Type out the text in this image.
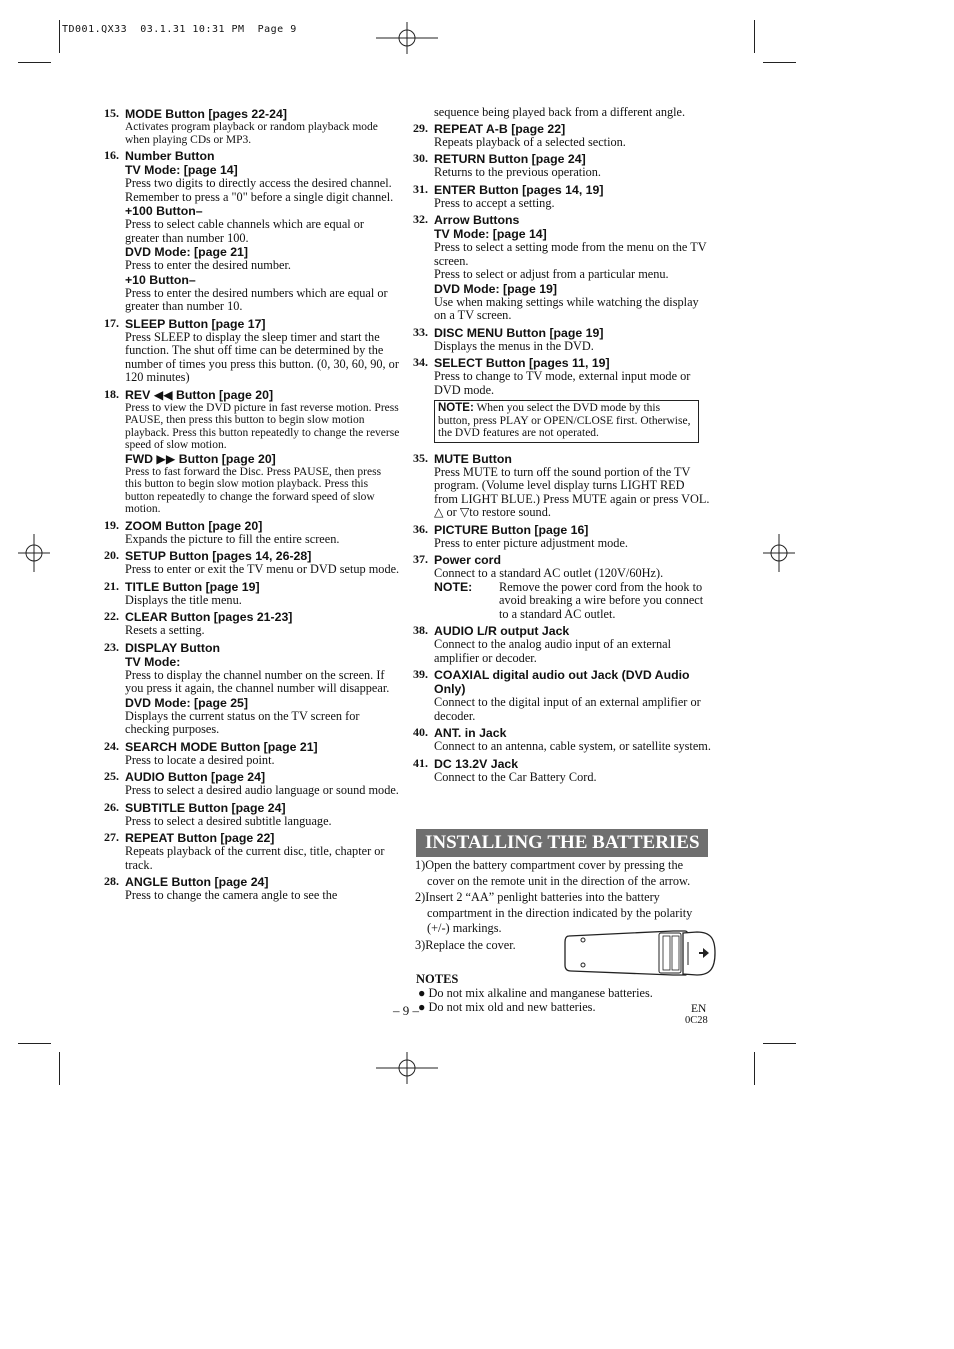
TD001.QX33  03.1.31 10:31 PM  Page 9
15. MODE Button [pages 22-24]
Activates program playback or random playback mode when playing CDs or MP3.
16. Number Button
TV Mode: [page 14]
Press two digits to directly access the desired channel.
Remember to press a "0" before a single digit channel.
+100 Button–
Press to select cable channels which are equal or greater than number 100.
DVD Mode: [page 21]
Press to enter the desired number.
+10 Button–
Press to enter the desired numbers which are equal or greater than number 10.
17. SLEEP Button [page 17]
Press SLEEP to display the sleep timer and start the function. The shut off time can be determined by the number of times you press this button. (0, 30, 60, 90, or 120 minutes)
18. REV ◀◀ Button [page 20]
Press to view the DVD picture in fast reverse motion. Press PAUSE, then press this button to begin slow motion playback. Press this button repeatedly to change the reverse speed of slow motion.
FWD ▶▶ Button [page 20]
Press to fast forward the Disc. Press PAUSE, then press this button to begin slow motion playback. Press this button repeatedly to change the forward speed of slow motion.
19. ZOOM Button [page 20]
Expands the picture to fill the entire screen.
20. SETUP Button [pages 14, 26-28]
Press to enter or exit the TV menu or DVD setup mode.
21. TITLE Button [page 19]
Displays the title menu.
22. CLEAR Button [pages 21-23]
Resets a setting.
23. DISPLAY Button
TV Mode:
Press to display the channel number on the screen. If you press it again, the channel number will disappear.
DVD Mode: [page 25]
Displays the current status on the TV screen for checking purposes.
24. SEARCH MODE Button [page 21]
Press to locate a desired point.
25. AUDIO Button [page 24]
Press to select a desired audio language or sound mode.
26. SUBTITLE Button [page 24]
Press to select a desired subtitle language.
27. REPEAT Button [page 22]
Repeats playback of the current disc, title, chapter or track.
28. ANGLE Button [page 24]
Press to change the camera angle to see the
sequence being played back from a different angle.
29. REPEAT A-B [page 22]
Repeats playback of a selected section.
30. RETURN Button [page 24]
Returns to the previous operation.
31. ENTER Button [pages 14, 19]
Press to accept a setting.
32. Arrow Buttons
TV Mode: [page 14]
Press to select a setting mode from the menu on the TV screen.
Press to select or adjust from a particular menu.
DVD Mode: [page 19]
Use when making settings while watching the display on a TV screen.
33. DISC MENU Button [page 19]
Displays the menus in the DVD.
34. SELECT Button [pages 11, 19]
Press to change to TV mode, external input mode or DVD mode.
NOTE: When you select the DVD mode by this button, press PLAY or OPEN/CLOSE first. Otherwise, the DVD features are not operated.
35. MUTE Button
Press MUTE to turn off the sound portion of the TV program. (Volume level display turns LIGHT RED from LIGHT BLUE.) Press MUTE again or press VOL. △ or ▽to restore sound.
36. PICTURE Button [page 16]
Press to enter picture adjustment mode.
37. Power cord
Connect to a standard AC outlet (120V/60Hz).
NOTE: Remove the power cord from the hook to avoid breaking a wire before you connect to a standard AC outlet.
38. AUDIO L/R output Jack
Connect to the analog audio input of an external amplifier or decoder.
39. COAXIAL digital audio out Jack (DVD Audio Only)
Connect to the digital input of an external amplifier or decoder.
40. ANT. in Jack
Connect to an antenna, cable system, or satellite system.
41. DC 13.2V Jack
Connect to the Car Battery Cord.
INSTALLING THE BATTERIES
1)Open the battery compartment cover by pressing the cover on the remote unit in the direction of the arrow.
2)Insert 2 “AA” penlight batteries into the battery compartment in the direction indicated by the polarity (+/-) markings.
3)Replace the cover.
NOTES
● Do not mix alkaline and manganese batteries.
● Do not mix old and new batteries.
– 9 –	EN
0C28
